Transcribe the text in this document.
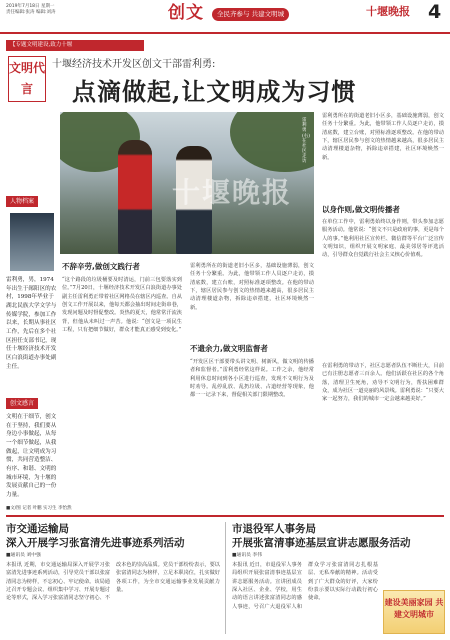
2019年7月18日 星期一
责任编辑:张涛 编辑:刘涛	创文	全民齐参与 共建文明城	十堰晚报 4
【专题文明建设,致力十堰
文明代言
十堰经济技术开发区创文干部雷利勇:
点滴做起,让文明成为习惯
人物档案
雷利勇，男，1974年出生于郧阳区的农村，1998年毕业于湖北民族大学文学与传媒学院，参加工作以来，长期从事社区工作，先后在多个社区担任支部书记，现任十堰经济技术开发区白浪街道办事处副主任。
创文感言
文明在于细节，创文在于坚持，我们要从身边小事做起，从每一个细节做起，从我做起，让文明成为习惯，共同营造整洁、有序、和谐、文明的城市环境，为十堰的发展贡献自己的一份力量。
十堰晚报
雷利勇(右)在社区走访
雷利勇所在的街道老旧小区多，基础设施薄弱，创文任务十分繁重。为此，他带领工作人员逐户走访，摸清底数，建立台账，对照标准逐项整改。在他的带动下，辖区居民参与创文的热情越来越高，很多居民主动清理楼道杂物，拆除违章搭建，社区环境焕然一新。
以身作则,做文明传播者
在单位工作中，雷利勇始终以身作则，带头参加志愿服务活动。他常说：“创文不只是政府的事，更是每个人的事。”他利用社区宣传栏、微信群等平台广泛宣传文明知识，组织开展文明家庭、最美邻居等评选活动，引导群众自觉践行社会主义核心价值观。
在雷利勇的带动下，社区志愿者队伍不断壮大，目前已有注册志愿者三百余人。他们活跃在社区的各个角落，清理卫生死角，劝导不文明行为，帮扶困难群众，成为社区一道亮丽的风景线。雷利勇说：“只要大家一起努力，我们的城市一定会越来越美好。”
不辞辛劳,做创文践行者
“这个路段的垃圾桶要及时清运，门前三包要落实到位。”7月20日，十堰经济技术开发区白浪街道办事处副主任雷利勇正带着社区网格员在辖区内巡查。自从创文工作开展以来，他每天都会抽出时间走街串巷，发现问题及时督促整改。炎热的夏天，他常常汗流浃背，但他从未叫过一声苦。他说：“创文是一项民生工程，只有把细节做好，群众才能真正感受到变化。”
雷利勇所在的街道老旧小区多，基础设施薄弱，创文任务十分繁重。为此，他带领工作人员逐户走访，摸清底数，建立台账，对照标准逐项整改。在他的带动下，辖区居民参与创文的热情越来越高，很多居民主动清理楼道杂物，拆除违章搭建，社区环境焕然一新。
不遗余力,做文明监督者
“开发区区干部要带头讲文明、树新风，做文明的传播者和监督者。”雷利勇经常这样说。工作之余，他经常利用休息时间到各小区进行巡查，发现不文明行为及时劝导。乱停乱放、乱扔垃圾、占道经营等现象，他都一一记录下来，督促相关部门限期整改。
■文/图 记者 叶鹏 实习生 李怡然
市交通运输局
深入开展学习张富清先进事迹系列活动
■通讯员 刘中强
本报讯 近期，市交通运输局深入开展学习张富清先进事迹系列活动，引导党员干部以张富清同志为榜样，不忘初心、牢记使命。该局通过召开专题会议、组织集中学习、开展专题讨论等形式，深入学习张富清同志坚守初心、不改本色的崇高品质。党员干部纷纷表示，要以张富清同志为榜样，立足本职岗位，扎实做好各项工作，为全市交通运输事业发展贡献力量。
市退役军人事务局
开展张富清事迹基层宣讲志愿服务活动
■通讯员 李伟
本报讯 近日，市退役军人事务局组织开展张富清事迹基层宣讲志愿服务活动。宣讲团成员深入社区、企业、学校，用生动的语言讲述张富清同志的感人事迹，号召广大退役军人和群众学习张富清同志扎根基层、无私奉献的精神。活动受到了广大群众的好评，大家纷纷表示要以实际行动践行初心使命。	建设美丽家园 共建文明城市
